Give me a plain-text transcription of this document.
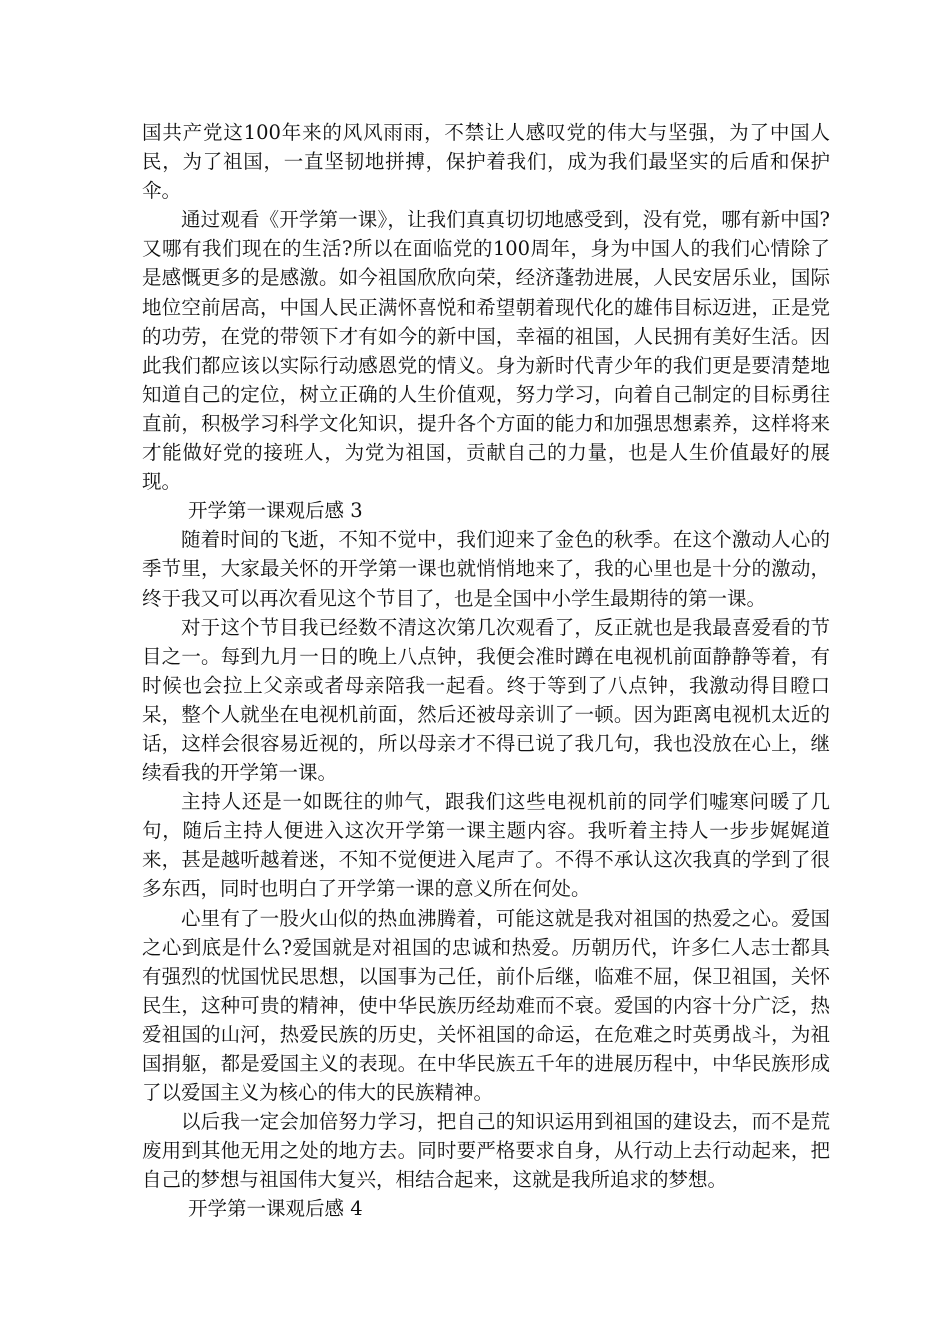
国共产党这100年来的风风雨雨，不禁让人感叹党的伟大与坚强，为了中国人民，为了祖国，一直坚韧地拼搏，保护着我们，成为我们最坚实的后盾和保护伞。

通过观看《开学第一课》，让我们真真切切地感受到，没有党，哪有新中国?又哪有我们现在的生活?所以在面临党的100周年，身为中国人的我们心情除了是感慨更多的是感激。如今祖国欣欣向荣，经济蓬勃进展，人民安居乐业，国际地位空前居高，中国人民正满怀喜悦和希望朝着现代化的雄伟目标迈进，正是党的功劳，在党的带领下才有如今的新中国，幸福的祖国，人民拥有美好生活。因此我们都应该以实际行动感恩党的情义。身为新时代青少年的我们更是要清楚地知道自己的定位，树立正确的人生价值观，努力学习，向着自己制定的目标勇往直前，积极学习科学文化知识，提升各个方面的能力和加强思想素养，这样将来才能做好党的接班人，为党为祖国，贡献自己的力量，也是人生价值最好的展现。

开学第一课观后感 3

随着时间的飞逝，不知不觉中，我们迎来了金色的秋季。在这个激动人心的季节里，大家最关怀的开学第一课也就悄悄地来了，我的心里也是十分的激动，终于我又可以再次看见这个节目了，也是全国中小学生最期待的第一课。

对于这个节目我已经数不清这次第几次观看了，反正就也是我最喜爱看的节目之一。每到九月一日的晚上八点钟，我便会准时蹲在电视机前面静静等着，有时候也会拉上父亲或者母亲陪我一起看。终于等到了八点钟，我激动得目瞪口呆，整个人就坐在电视机前面，然后还被母亲训了一顿。因为距离电视机太近的话，这样会很容易近视的，所以母亲才不得已说了我几句，我也没放在心上，继续看我的开学第一课。

主持人还是一如既往的帅气，跟我们这些电视机前的同学们嘘寒问暖了几句，随后主持人便进入这次开学第一课主题内容。我听着主持人一步步娓娓道来，甚是越听越着迷，不知不觉便进入尾声了。不得不承认这次我真的学到了很多东西，同时也明白了开学第一课的意义所在何处。

心里有了一股火山似的热血沸腾着，可能这就是我对祖国的热爱之心。爱国之心到底是什么?爱国就是对祖国的忠诚和热爱。历朝历代，许多仁人志士都具有强烈的忧国忧民思想，以国事为己任，前仆后继，临难不屈，保卫祖国，关怀民生，这种可贵的精神，使中华民族历经劫难而不衰。爱国的内容十分广泛，热爱祖国的山河，热爱民族的历史，关怀祖国的命运，在危难之时英勇战斗，为祖国捐躯，都是爱国主义的表现。在中华民族五千年的进展历程中，中华民族形成了以爱国主义为核心的伟大的民族精神。

以后我一定会加倍努力学习，把自己的知识运用到祖国的建设去，而不是荒废用到其他无用之处的地方去。同时要严格要求自身，从行动上去行动起来，把自己的梦想与祖国伟大复兴，相结合起来，这就是我所追求的梦想。

开学第一课观后感 4
